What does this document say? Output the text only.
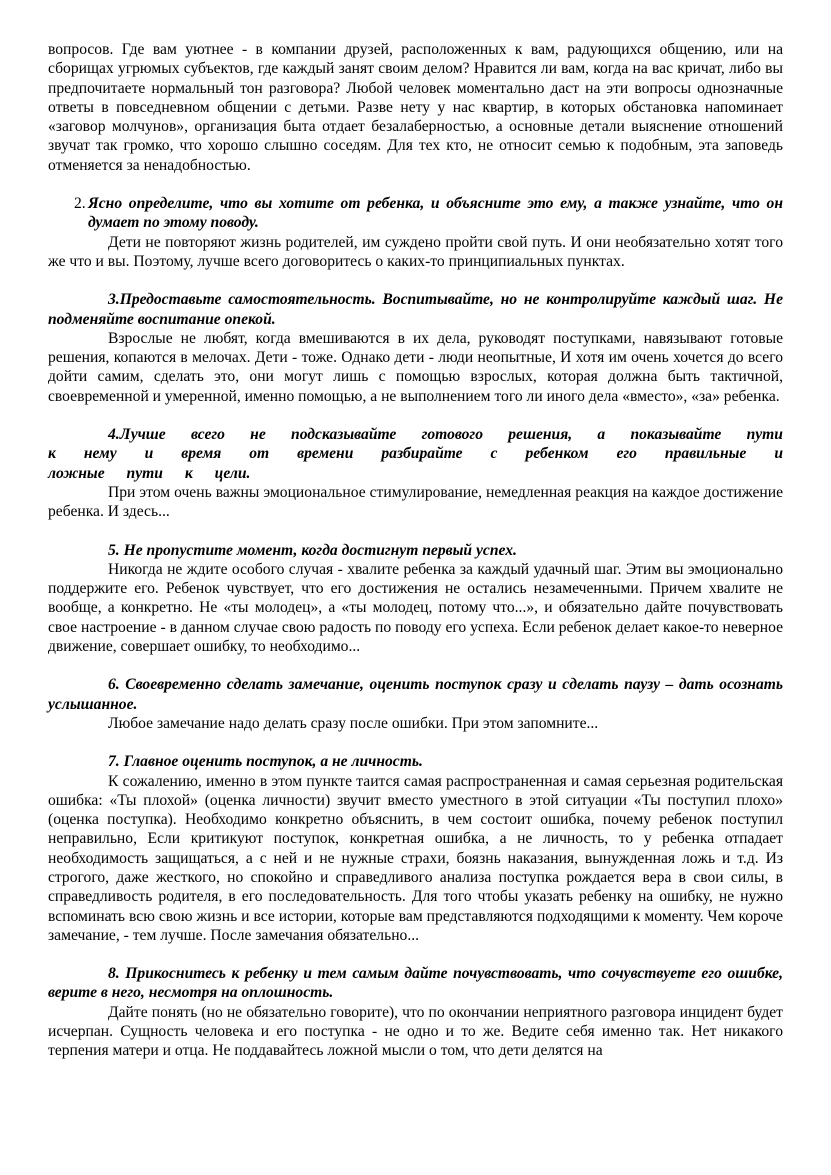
вопросов. Где вам уютнее - в компании друзей, расположенных к вам, радующихся общению, или на сборищах угрюмых субъектов, где каждый занят своим делом? Нравится ли вам, когда на вас кричат, либо вы предпочитаете нормальный тон разговора? Любой человек моментально даст на эти вопросы однозначные ответы в повседневном общении с детьми. Разве нету у нас квартир, в которых обстановка напоминает «заговор молчунов», организация быта отдает безалаберностью, а основные детали выяснение отношений звучат так громко, что хорошо слышно соседям. Для тех кто, не относит семью к подобным, эта заповедь отменяется за ненадобностью.

2. Ясно определите, что вы хотите от ребенка, и объясните это ему, а также узнайте, что он думает по этому поводу.

Дети не повторяют жизнь родителей, им суждено пройти свой путь. И они необязательно хотят того же что и вы. Поэтому, лучше всего договоритесь о каких-то принципиальных пунктах.

3.Предоставьте самостоятельность. Воспитывайте, но не контролируйте каждый шаг. Не подменяйте воспитание опекой.

Взрослые не любят, когда вмешиваются в их дела, руководят поступками, навязывают готовые решения, копаются в мелочах. Дети - тоже. Однако дети - люди неопытные, И хотя им очень хочется до всего дойти самим, сделать это, они могут лишь с помощью взрослых, которая должна быть тактичной, своевременной и умеренной, именно помощью, а не выполнением того ли иного дела «вместо», «за» ребенка.

4.Лучше всего не подсказывайте готового решения, а показывайте пути к нему и время от времени разбирайте с ребенком его правильные и ложные пути к цели.

При этом очень важны эмоциональное стимулирование, немедленная реакция на каждое достижение ребенка. И здесь...

5. Не пропустите момент, когда достигнут первый успех.

Никогда не ждите особого случая - хвалите ребенка за каждый удачный шаг. Этим вы эмоционально поддержите его. Ребенок чувствует, что его достижения не остались незамеченными. Причем хвалите не вообще, а конкретно. Не «ты молодец», а «ты молодец, потому что...», и обязательно дайте почувствовать свое настроение - в данном случае свою радость по поводу его успеха. Если ребенок делает какое-то неверное движение, совершает ошибку, то необходимо...

6. Своевременно сделать замечание, оценить поступок сразу и сделать паузу – дать осознать услышанное.

Любое замечание надо делать сразу после ошибки. При этом запомните...

7. Главное оценить поступок, а не личность.

К сожалению, именно в этом пункте таится самая распространенная и самая серьезная родительская ошибка: «Ты плохой» (оценка личности) звучит вместо уместного в этой ситуации «Ты поступил плохо» (оценка поступка). Необходимо конкретно объяснить, в чем состоит ошибка, почему ребенок поступил неправильно, Если критикуют поступок, конкретная ошибка, а не личность, то у ребенка отпадает необходимость защищаться, а с ней и не нужные страхи, боязнь наказания, вынужденная ложь и т.д. Из строгого, даже жесткого, но спокойно и справедливого анализа поступка рождается вера в свои силы, в справедливость родителя, в его последовательность. Для того чтобы указать ребенку на ошибку, не нужно вспоминать всю свою жизнь и все истории, которые вам представляются подходящими к моменту. Чем короче замечание, - тем лучше. После замечания обязательно...

8. Прикоснитесь к ребенку и тем самым дайте почувствовать, что сочувствуете его ошибке, верите в него, несмотря на оплошность.

Дайте понять (но не обязательно говорите), что по окончании неприятного разговора инцидент будет исчерпан. Сущность человека и его поступка - не одно и то же. Ведите себя именно так. Нет никакого терпения матери и отца. Не поддавайтесь ложной мысли о том, что дети делятся на
